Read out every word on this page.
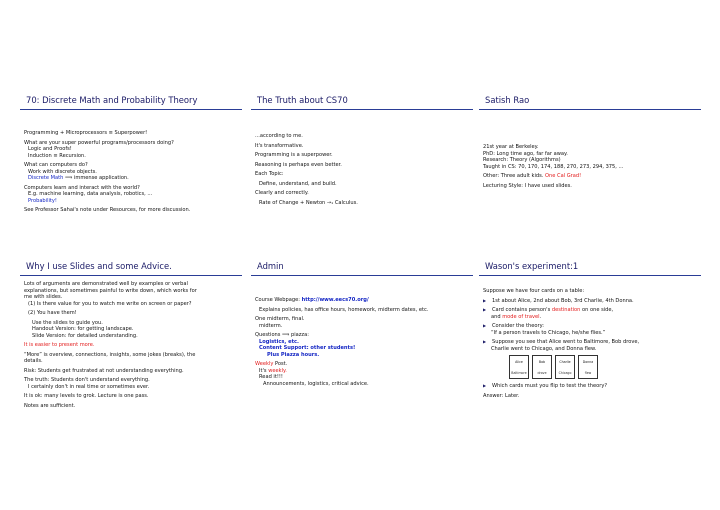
70: Discrete Math and Probability Theory
Programming + Microprocessors ≡ Superpower!
What are your super powerful programs/processors doing?
Logic and Proofs!
Induction ≡ Recursion.
What can computers do?
Work with discrete objects.
Discrete Math ⟹ immense application.
Computers learn and interact with the world?
E.g. machine learning, data analysis, robotics, ...
Probability!
See Professor Sahai's note under Resources, for more discussion.
The Truth about CS70
...according to me.
It's transformative.
Programming is a superpower.
Reasoning is perhaps even better.
Each Topic:
Define, understand, and build.
Clearly and correctly.
Rate of Change + Newton →₁ Calculus.
Satish Rao
21st year at Berkeley.
PhD: Long time ago, far far away.
Research: Theory (Algorithms)
Taught in CS: 70, 170, 174, 188, 270, 273, 294, 375, ...
Other: Three adult kids. One Cal Grad!
Lecturing Style: I have used slides.
Why I use Slides and some Advice.
Lots of arguments are demonstrated well by examples or verbal
explanations, but sometimes painful to write down, which works for
me with slides.
(1) Is there value for you to watch me write on screen or paper?
(2) You have them!
Use the slides to guide you.
Handout Version: for getting landscape.
Slide Version: for detailed understanding.
It is easier to present more.
“More” is overview, connections, insights, some jokes (breaks), the
details.
Risk: Students get frustrated at not understanding everything.
The truth: Students don't understand everything.
I certainly don't in real time or sometimes ever.
It is ok: many levels to grok. Lecture is one pass.
Notes are sufficient.
Admin
Course Webpage: http://www.eecs70.org/
Explains policies, has office hours, homework, midterm dates, etc.
One midterm, final.
midterm.
Questions ⟹ piazza:
Logistics, etc.
Content Support: other students!
Plus Piazza hours.
Weekly Post.
It's weekly.
Read it!!!
Announcements, logistics, critical advice.
Wason's experiment:1
Suppose we have four cards on a table:
▶ 1st about Alice, 2nd about Bob, 3rd Charlie, 4th Donna.
▶ Card contains person's destination on one side,
and mode of travel.
▶ Consider the theory:
“If a person travels to Chicago, he/she flies.”
▶ Suppose you see that Alice went to Baltimore, Bob drove,
Charlie went to Chicago, and Donna flew.
Alice
Baltimore
Bob
drove
Charlie
Chicago
Donna
flew
▶ Which cards must you flip to test the theory?
Answer: Later.
